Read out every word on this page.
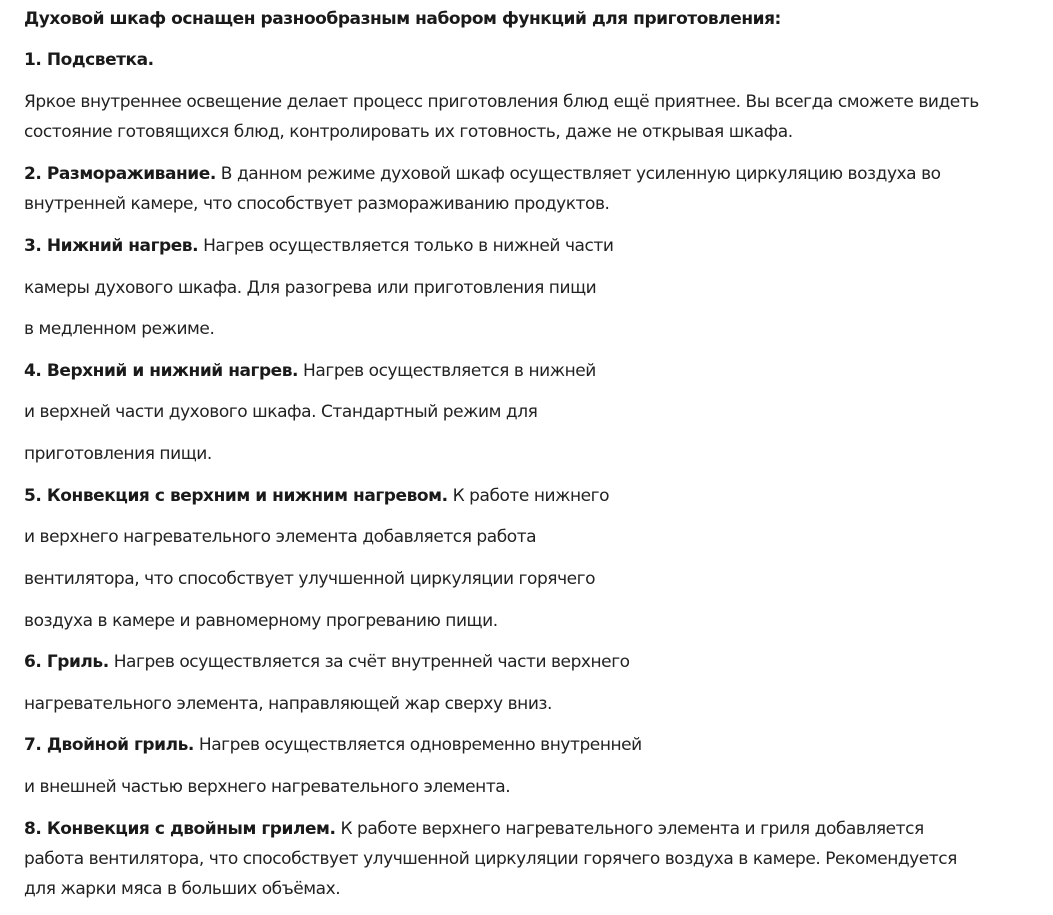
Духовой шкаф оснащен разнообразным набором функций для приготовления:
1. Подсветка.
Яркое внутреннее освещение делает процесс приготовления блюд ещё приятнее. Вы всегда сможете видеть
состояние готовящихся блюд, контролировать их готовность, даже не открывая шкафа.
2. Размораживание. В данном режиме духовой шкаф осуществляет усиленную циркуляцию воздуха во
внутренней камере, что способствует размораживанию продуктов.
3. Нижний нагрев. Нагрев осуществляется только в нижней части
камеры духового шкафа. Для разогрева или приготовления пищи
в медленном режиме.
4. Верхний и нижний нагрев. Нагрев осуществляется в нижней
и верхней части духового шкафа. Стандартный режим для
приготовления пищи.
5. Конвекция с верхним и нижним нагревом. К работе нижнего
и верхнего нагревательного элемента добавляется работа
вентилятора, что способствует улучшенной циркуляции горячего
воздуха в камере и равномерному прогреванию пищи.
6. Гриль. Нагрев осуществляется за счёт внутренней части верхнего
нагревательного элемента, направляющей жар сверху вниз.
7. Двойной гриль. Нагрев осуществляется одновременно внутренней
и внешней частью верхнего нагревательного элемента.
8. Конвекция с двойным грилем. К работе верхнего нагревательного элемента и гриля добавляется
работа вентилятора, что способствует улучшенной циркуляции горячего воздуха в камере. Рекомендуется
для жарки мяса в больших объёмах.
